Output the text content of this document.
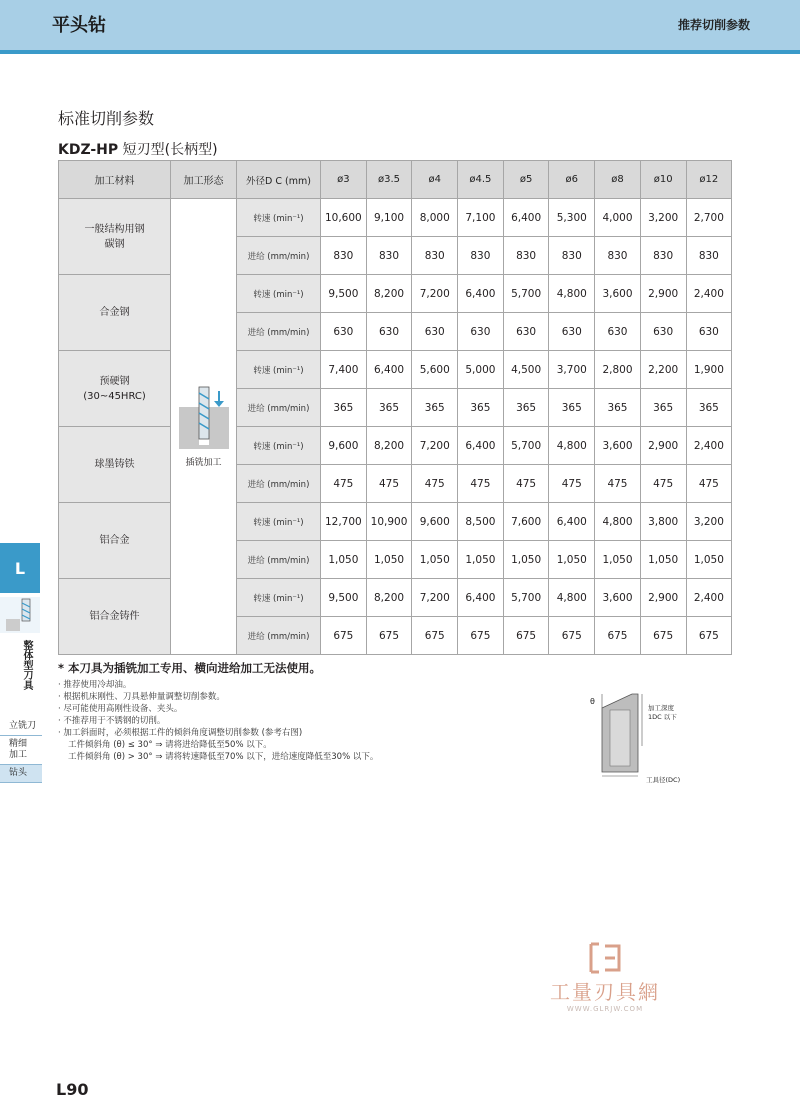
平头钻	推荐切削参数
标准切削参数
KDZ-HP 短刃型(长柄型)
加工材料	加工形态	外径D C (mm)	ø3	ø3.5	ø4	ø4.5	ø5	ø6	ø8	ø10	ø12

一般结构用钢
碳钢	插铣加工	转速 (min⁻¹)	10,600	9,100	8,000	7,100	6,400	5,300	4,000	3,200	2,700
		进给 (mm/min)	830	830	830	830	830	830	830	830	830

合金钢		转速 (min⁻¹)	9,500	8,200	7,200	6,400	5,700	4,800	3,600	2,900	2,400
		进给 (mm/min)	630	630	630	630	630	630	630	630	630

预硬钢
(30~45HRC)		转速 (min⁻¹)	7,400	6,400	5,600	5,000	4,500	3,700	2,800	2,200	1,900
		进给 (mm/min)	365	365	365	365	365	365	365	365	365

球墨铸铁		转速 (min⁻¹)	9,600	8,200	7,200	6,400	5,700	4,800	3,600	2,900	2,400
		进给 (mm/min)	475	475	475	475	475	475	475	475	475

铝合金		转速 (min⁻¹)	12,700	10,900	9,600	8,500	7,600	6,400	4,800	3,800	3,200
		进给 (mm/min)	1,050	1,050	1,050	1,050	1,050	1,050	1,050	1,050	1,050

铝合金铸件		转速 (min⁻¹)	9,500	8,200	7,200	6,400	5,700	4,800	3,600	2,900	2,400
		进给 (mm/min)	675	675	675	675	675	675	675	675	675
* 本刀具为插铣加工专用、横向进给加工无法使用。
· 推荐使用冷却油。
· 根据机床刚性、刀具悬伸量调整切削参数。
· 尽可能使用高刚性设备、夹头。
· 不推荐用于不锈钢的切削。
· 加工斜面时，必须根据工件的倾斜角度调整切削参数 (参考右图)
工件倾斜角 (θ) ≤ 30° ⇒ 请将进给降低至50% 以下。
工件倾斜角 (θ) > 30° ⇒ 请将转速降低至70% 以下，进给速度降低至30% 以下。
θ
加工深度
1DC 以下
工具径(DC)
L
整体型刀具
立铣刀
精细
加工
钻头
工量刃具網
WWW.GLRJW.COM
L90
